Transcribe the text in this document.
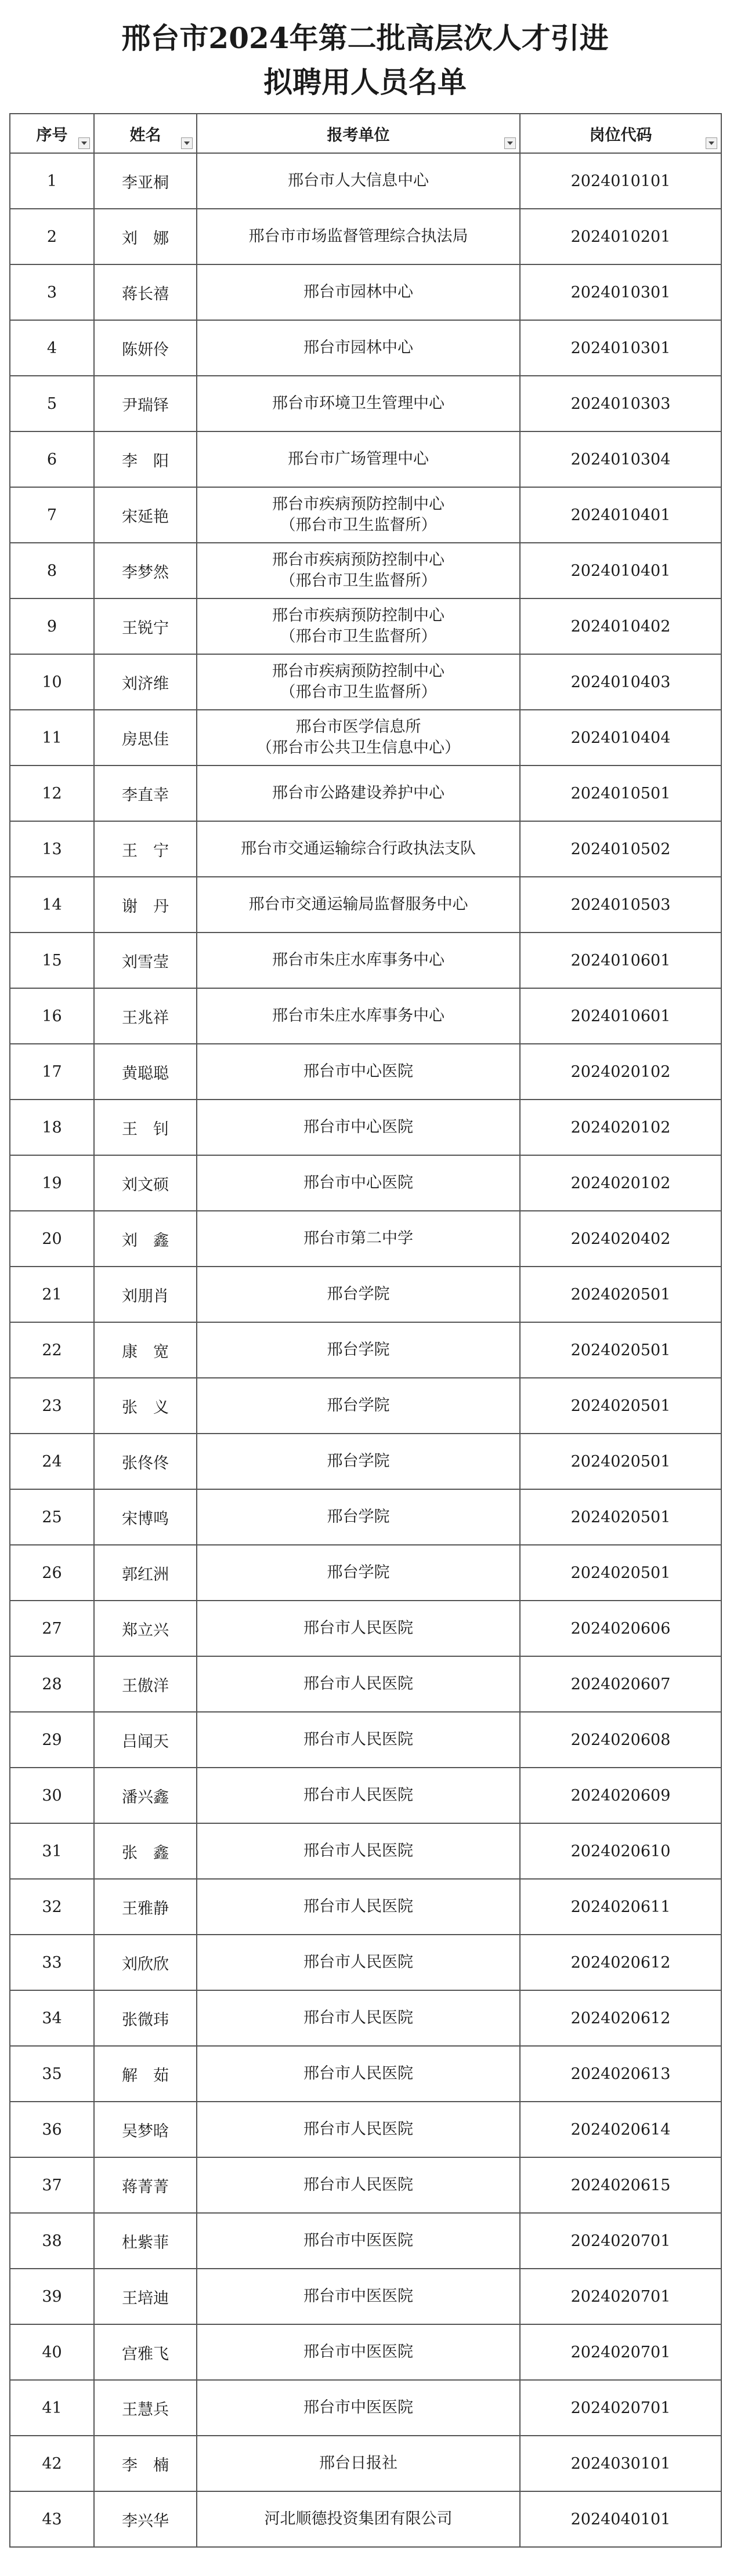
邢台市2024年第二批高层次人才引进
拟聘用人员名单
序号	姓名	报考单位	岗位代码

1	李亚桐	邢台市人大信息中心	2024010101
2	刘　娜	邢台市市场监督管理综合执法局	2024010201
3	蒋长禧	邢台市园林中心	2024010301
4	陈妍伶	邢台市园林中心	2024010301
5	尹瑞铎	邢台市环境卫生管理中心	2024010303
6	李　阳	邢台市广场管理中心	2024010304
7	宋延艳	邢台市疾病预防控制中心
（邢台市卫生监督所）	2024010401
8	李梦然	邢台市疾病预防控制中心
（邢台市卫生监督所）	2024010401
9	王锐宁	邢台市疾病预防控制中心
（邢台市卫生监督所）	2024010402
10	刘济维	邢台市疾病预防控制中心
（邢台市卫生监督所）	2024010403
11	房思佳	邢台市医学信息所
（邢台市公共卫生信息中心）	2024010404
12	李直幸	邢台市公路建设养护中心	2024010501
13	王　宁	邢台市交通运输综合行政执法支队	2024010502
14	谢　丹	邢台市交通运输局监督服务中心	2024010503
15	刘雪莹	邢台市朱庄水库事务中心	2024010601
16	王兆祥	邢台市朱庄水库事务中心	2024010601
17	黄聪聪	邢台市中心医院	2024020102
18	王　钊	邢台市中心医院	2024020102
19	刘文硕	邢台市中心医院	2024020102
20	刘　鑫	邢台市第二中学	2024020402
21	刘朋肖	邢台学院	2024020501
22	康　宽	邢台学院	2024020501
23	张　义	邢台学院	2024020501
24	张佟佟	邢台学院	2024020501
25	宋博鸣	邢台学院	2024020501
26	郭红洲	邢台学院	2024020501
27	郑立兴	邢台市人民医院	2024020606
28	王傲洋	邢台市人民医院	2024020607
29	吕闻天	邢台市人民医院	2024020608
30	潘兴鑫	邢台市人民医院	2024020609
31	张　鑫	邢台市人民医院	2024020610
32	王雅静	邢台市人民医院	2024020611
33	刘欣欣	邢台市人民医院	2024020612
34	张微玮	邢台市人民医院	2024020612
35	解　茹	邢台市人民医院	2024020613
36	吴梦晗	邢台市人民医院	2024020614
37	蒋菁菁	邢台市人民医院	2024020615
38	杜紫菲	邢台市中医医院	2024020701
39	王培迪	邢台市中医医院	2024020701
40	宫雅飞	邢台市中医医院	2024020701
41	王慧兵	邢台市中医医院	2024020701
42	李　楠	邢台日报社	2024030101
43	李兴华	河北顺德投资集团有限公司	2024040101
